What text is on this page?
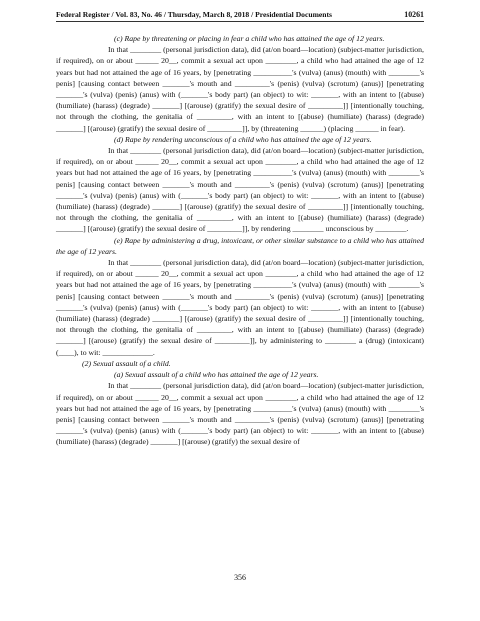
Federal Register / Vol. 83, No. 46 / Thursday, March 8, 2018 / Presidential Documents	10261

(c) Rape by threatening or placing in fear a child who has attained the age of 12 years.

In that ________ (personal jurisdiction data), did (at/on board—location) (subject-matter jurisdiction, if required), on or about ______ 20__, commit a sexual act upon ________, a child who had attained the age of 12 years but had not attained the age of 16 years, by [penetrating __________'s (vulva) (anus) (mouth) with ________'s penis] [causing contact between _______'s mouth and _________'s (penis) (vulva) (scrotum) (anus)] [penetrating _______'s (vulva) (penis) (anus) with (_______'s body part) (an object) to wit: _______, with an intent to [(abuse) (humiliate) (harass) (degrade) _______] [(arouse) (gratify) the sexual desire of _________]] [intentionally touching, not through the clothing, the genitalia of _________, with an intent to [(abuse) (humiliate) (harass) (degrade) _______] [(arouse) (gratify) the sexual desire of _________]], by (threatening ______) (placing ______ in fear).

(d) Rape by rendering unconscious of a child who has attained the age of 12 years.

In that ________ (personal jurisdiction data), did (at/on board—location) (subject-matter jurisdiction, if required), on or about ______ 20__, commit a sexual act upon ________, a child who had attained the age of 12 years but had not attained the age of 16 years, by [penetrating __________'s (vulva) (anus) (mouth) with ________'s penis] [causing contact between _______'s mouth and _________'s (penis) (vulva) (scrotum) (anus)] [penetrating _______'s (vulva) (penis) (anus) with (_______'s body part) (an object) to wit: _______, with an intent to [(abuse) (humiliate) (harass) (degrade) _______] [(arouse) (gratify) the sexual desire of _________]] [intentionally touching, not through the clothing, the genitalia of _________, with an intent to [(abuse) (humiliate) (harass) (degrade) _______] [(arouse) (gratify) the sexual desire of _________]], by rendering ________ unconscious by ________.

(e) Rape by administering a drug, intoxicant, or other similar substance to a child who has attained the age of 12 years.

In that ________ (personal jurisdiction data), did (at/on board—location) (subject-matter jurisdiction, if required), on or about ______ 20__, commit a sexual act upon ________, a child who had attained the age of 12 years but had not attained the age of 16 years, by [penetrating __________'s (vulva) (anus) (mouth) with ________'s penis] [causing contact between _______'s mouth and _________'s (penis) (vulva) (scrotum) (anus)] [penetrating _______'s (vulva) (penis) (anus) with (_______'s body part) (an object) to wit: _______, with an intent to [(abuse) (humiliate) (harass) (degrade) _______] [(arouse) (gratify) the sexual desire of _________]] [intentionally touching, not through the clothing, the genitalia of _________, with an intent to [(abuse) (humiliate) (harass) (degrade) _______] [(arouse) (gratify) the sexual desire of _________]], by administering to ________ a (drug) (intoxicant) (____), to wit: _____________.

(2) Sexual assault of a child.

(a) Sexual assault of a child who has attained the age of 12 years.

In that ________ (personal jurisdiction data), did (at/on board—location) (subject-matter jurisdiction, if required), on or about ______ 20__, commit a sexual act upon ________, a child who had attained the age of 12 years but had not attained the age of 16 years, by [penetrating __________'s (vulva) (anus) (mouth) with ________'s penis] [causing contact between _______'s mouth and _________'s (penis) (vulva) (scrotum) (anus)] [penetrating _______'s (vulva) (penis) (anus) with (_______'s body part) (an object) to wit: _______, with an intent to [(abuse) (humiliate) (harass) (degrade) _______] [(arouse) (gratify) the sexual desire of

356
